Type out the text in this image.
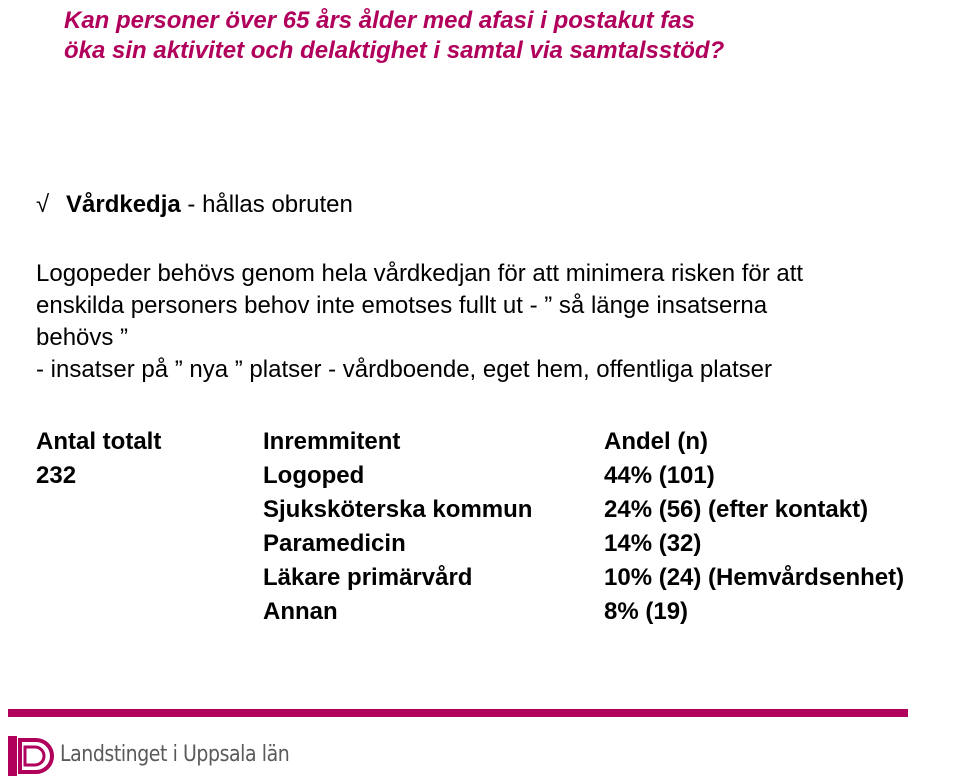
Kan personer över 65 års ålder med afasi i postakut fas
öka sin aktivitet och delaktighet i samtal via samtalsstöd?

√ Vårdkedja - hållas obruten

Logopeder behövs genom hela vårdkedjan för att minimera risken för att
enskilda personers behov inte emotses fullt ut - ” så länge insatserna
behövs ”
- insatser på ” nya ” platser - vårdboende, eget hem, offentliga platser

Antal totalt	Inremmitent	Andel (n)
232	Logoped	44% (101)
	Sjuksköterska kommun	24% (56) (efter kontakt)
	Paramedicin	14% (32)
	Läkare primärvård	10% (24) (Hemvårdsenhet)
	Annan	8% (19)
Landstinget i Uppsala län
